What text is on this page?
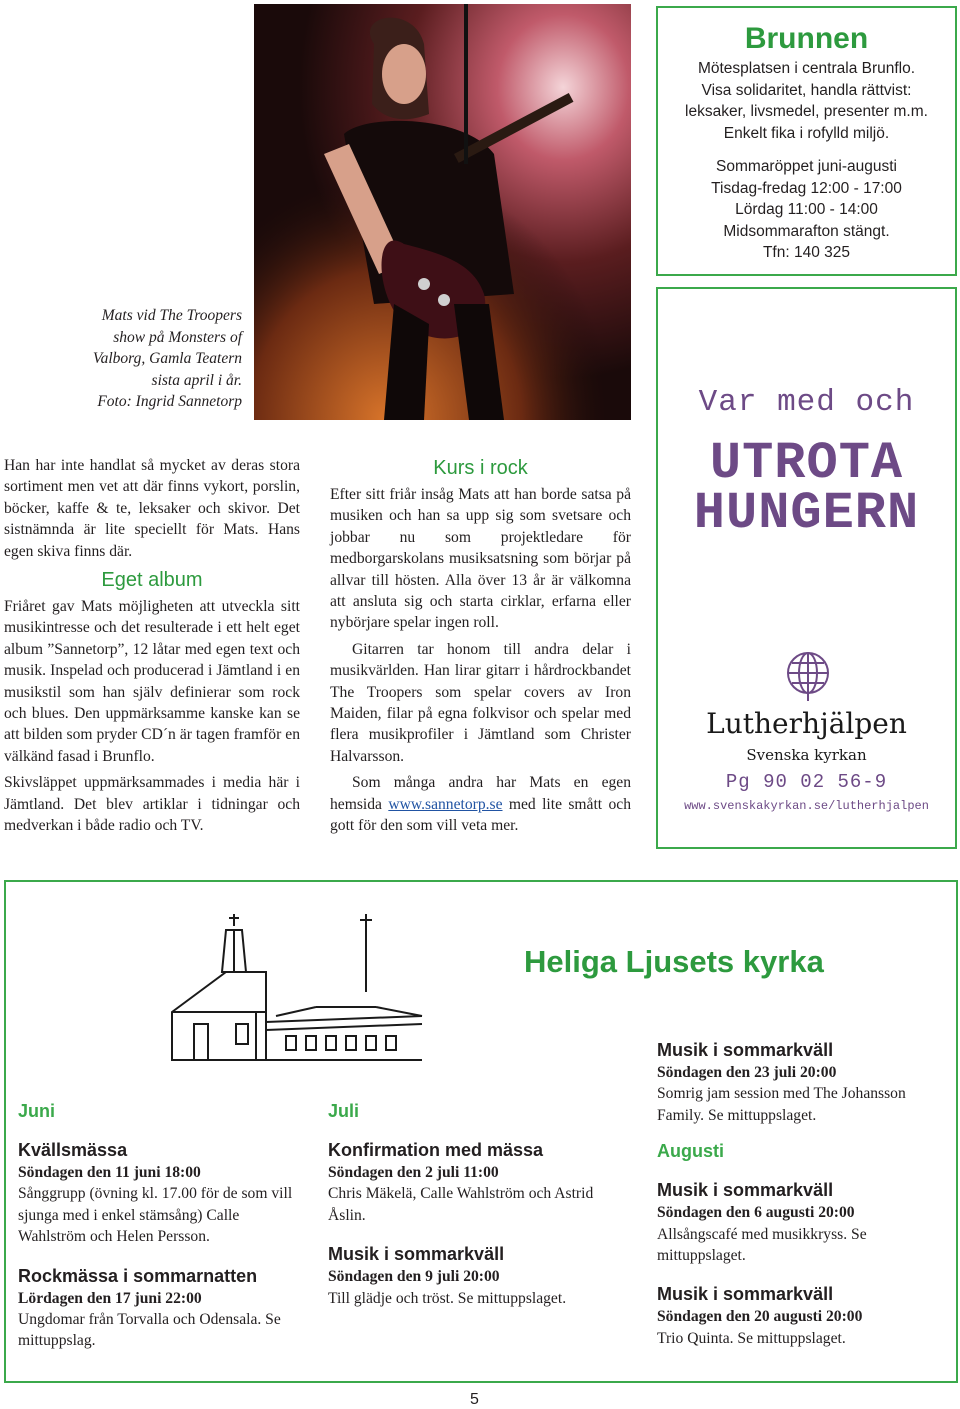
Mats vid The Troopers
show på Monsters of
Valborg, Gamla Teatern
sista april i år.
Foto: Ingrid Sannetorp
Brunnen

Mötesplatsen i centrala Brunflo.

Visa solidaritet, handla rättvist:

leksaker, livsmedel, presenter m.m.

Enkelt fika i rofylld miljö.

Sommaröppet juni-augusti

Tisdag-fredag 12:00 - 17:00

Lördag 11:00 - 14:00

Midsommarafton stängt.

Tfn: 140 325

Var med och
UTROTA
HUNGERN
Lutherhjälpen
Svenska kyrkan
Pg 90 02 56-9
www.svenskakyrkan.se/lutherhjalpen

Han har inte handlat så mycket av deras stora sortiment men vet att där finns vykort, porslin, böcker, kaffe & te, leksaker och skivor. Det sistnämnda är lite speciellt för Mats. Hans egen skiva finns där.

Eget album

Friåret gav Mats möjligheten att utveckla sitt musikintresse och det resulterade i ett helt eget album ”Sannetorp”, 12 låtar med egen text och musik. Inspelad och producerad i Jämtland i en musikstil som han själv definierar som rock och blues. Den uppmärksamme kanske kan se att bilden som pryder CD´n är tagen framför en välkänd fasad i Brunflo.

Skivsläppet uppmärksammades i media här i Jämtland. Det blev artiklar i tidningar och medverkan i både radio och TV.

Kurs i rock

Efter sitt friår insåg Mats att han borde satsa på musiken och han sa upp sig som svetsare och jobbar nu som projektledare för medborgarskolans musiksatsning som börjar på allvar till hösten. Alla över 13 år är välkomna att ansluta sig och starta cirklar, erfarna eller nybörjare spelar ingen roll.

Gitarren tar honom till andra delar i musikvärlden. Han lirar gitarr i hårdrockbandet The Troopers som spelar covers av Iron Maiden, filar på egna folkvisor och spelar med flera musikprofiler i Jämtland som Christer Halvarsson.

Som många andra har Mats en egen hemsida www.sannetorp.se med lite smått och gott för den som vill veta mer.

Heliga Ljusets kyrka
Juni
Kvällsmässa

Söndagen den 11 juni 18:00

Sånggrupp (övning kl. 17.00 för de som vill sjunga med i enkel stämsång) Calle Wahlström och Helen Persson.

Rockmässa i sommarnatten

Lördagen den 17 juni 22:00

Ungdomar från Torvalla och Odensala. Se mittuppslag.

Juli
Konfirmation med mässa

Söndagen den 2 juli 11:00

Chris Mäkelä, Calle Wahlström och Astrid Åslin.

Musik i sommarkväll

Söndagen den 9 juli 20:00

Till glädje och tröst. Se mittuppslaget.

Musik i sommarkväll

Söndagen den 23 juli 20:00

Somrig jam session med The Johansson Family. Se mittuppslaget.

Augusti
Musik i sommarkväll

Söndagen den 6 augusti 20:00

Allsångscafé med musikkryss. Se mittuppslaget.

Musik i sommarkväll

Söndagen den 20 augusti 20:00

Trio Quinta. Se mittuppslaget.

5
